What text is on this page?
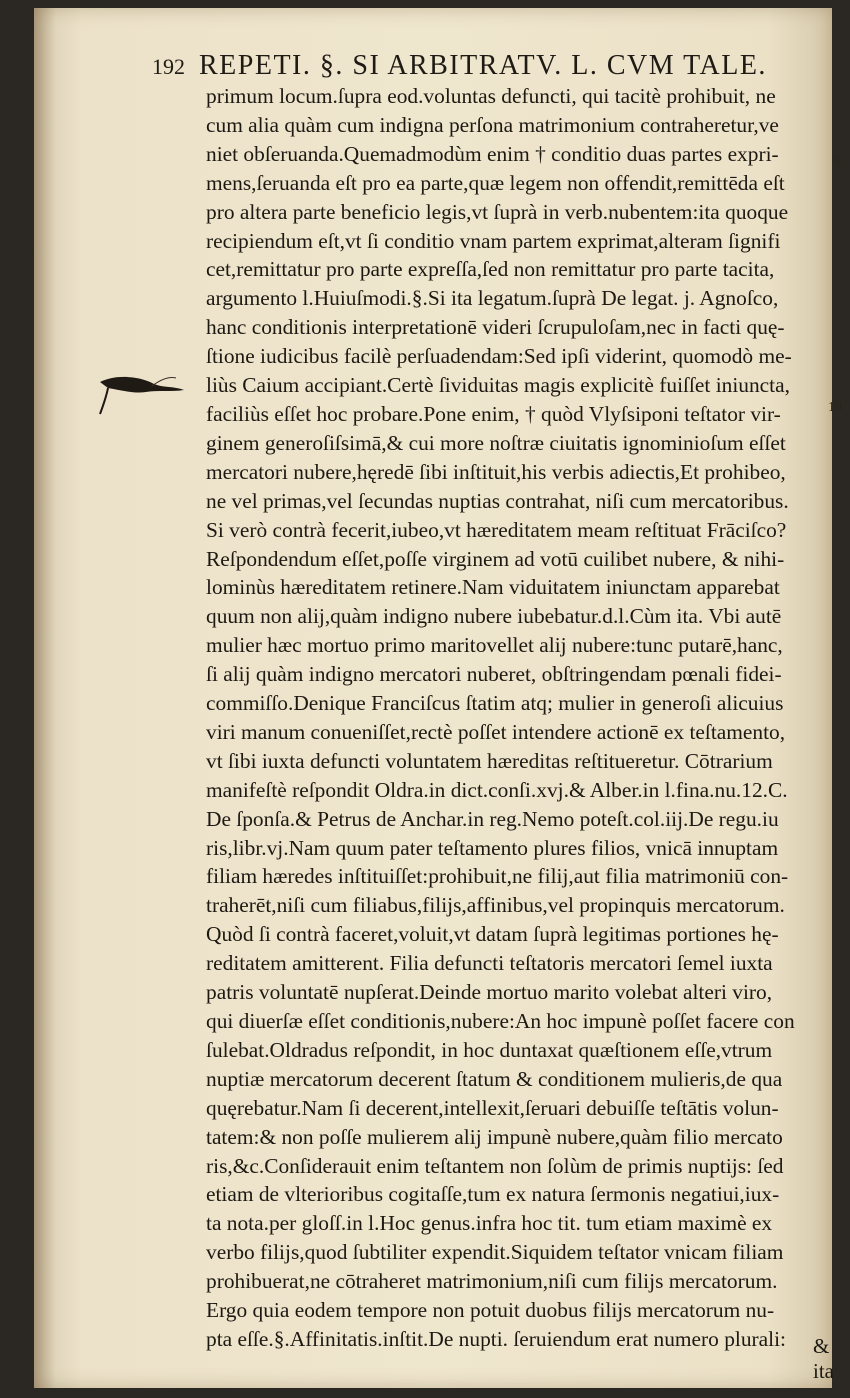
192 REPETI. §. SI ARBITRATV. L. CVM TALE.
primum locum.ſupra eod.voluntas defuncti, qui tacitè prohibuit, ne
cum alia quàm cum indigna perſona matrimonium contraheretur,ve
niet obſeruanda.Quemadmodùm enim † conditio duas partes expri-
mens,ſeruanda eſt pro ea parte,quæ legem non offendit,remittēda eſt
pro altera parte beneficio legis,vt ſuprà in verb.nubentem:ita quoque
recipiendum eſt,vt ſi conditio vnam partem exprimat,alteram ſignifi
cet,remittatur pro parte expreſſa,ſed non remittatur pro parte tacita,
argumento l.Huiuſmodi.§.Si ita legatum.ſuprà De legat. j. Agnoſco,
hanc conditionis interpretationē videri ſcrupuloſam,nec in facti quę-
ſtione iudicibus facilè perſuadendam:Sed ipſi viderint, quomodò me-
liùs Caium accipiant.Certè ſividuitas magis explicitè fuiſſet iniuncta,
faciliùs eſſet hoc probare.Pone enim, † quòd Vlyſsiponi teſtator vir-
ginem generoſiſsimā,& cui more noſtræ ciuitatis ignominioſum eſſet
mercatori nubere,hęredē ſibi inſtituit,his verbis adiectis,Et prohibeo,
ne vel primas,vel ſecundas nuptias contrahat, niſi cum mercatoribus.
Si verò contrà fecerit,iubeo,vt hæreditatem meam reſtituat Frāciſco?
Reſpondendum eſſet,poſſe virginem ad votū cuilibet nubere, & nihi-
lominùs hæreditatem retinere.Nam viduitatem iniunctam apparebat
quum non alij,quàm indigno nubere iubebatur.d.l.Cùm ita. Vbi autē
mulier hæc mortuo primo maritovellet alij nubere:tunc putarē,hanc,
ſi alij quàm indigno mercatori nuberet, obſtringendam pœnali fidei-
commiſſo.Denique Franciſcus ſtatim atq; mulier in generoſi alicuius
viri manum conueniſſet,rectè poſſet intendere actionē ex teſtamento,
vt ſibi iuxta defuncti voluntatem hæreditas reſtitueretur. Cōtrarium
manifeſtè reſpondit Oldra.in dict.conſi.xvj.& Alber.in l.fina.nu.12.C.
De ſponſa.& Petrus de Anchar.in reg.Nemo poteſt.col.iij.De regu.iu
ris,libr.vj.Nam quum pater teſtamento plures filios, vnicā innuptam
filiam hæredes inſtituiſſet:prohibuit,ne filij,aut filia matrimoniū con-
traherēt,niſi cum filiabus,filijs,affinibus,vel propinquis mercatorum.
Quòd ſi contrà faceret,voluit,vt datam ſuprà legitimas portiones hę-
reditatem amitterent. Filia defuncti teſtatoris mercatori ſemel iuxta
patris voluntatē nupſerat.Deinde mortuo marito volebat alteri viro,
qui diuerſæ eſſet conditionis,nubere:An hoc impunè poſſet facere con
ſulebat.Oldradus reſpondit, in hoc duntaxat quæſtionem eſſe,vtrum
nuptiæ mercatorum decerent ſtatum & conditionem mulieris,de qua
quęrebatur.Nam ſi decerent,intellexit,ſeruari debuiſſe teſtātis volun-
tatem:& non poſſe mulierem alij impunè nubere,quàm filio mercato
ris,&c.Conſiderauit enim teſtantem non ſolùm de primis nuptijs: ſed
etiam de vlterioribus cogitaſſe,tum ex natura ſermonis negatiui,iux-
ta nota.per gloſſ.in l.Hoc genus.infra hoc tit. tum etiam maximè ex
verbo filijs,quod ſubtiliter expendit.Siquidem teſtator vnicam filiam
prohibuerat,ne cōtraheret matrimonium,niſi cum filijs mercatorum.
Ergo quia eodem tempore non potuit duobus filijs mercatorum nu-
pta eſſe.§.Affinitatis.inſtit.De nupti. ſeruiendum erat numero plurali:	& ita
9
10
